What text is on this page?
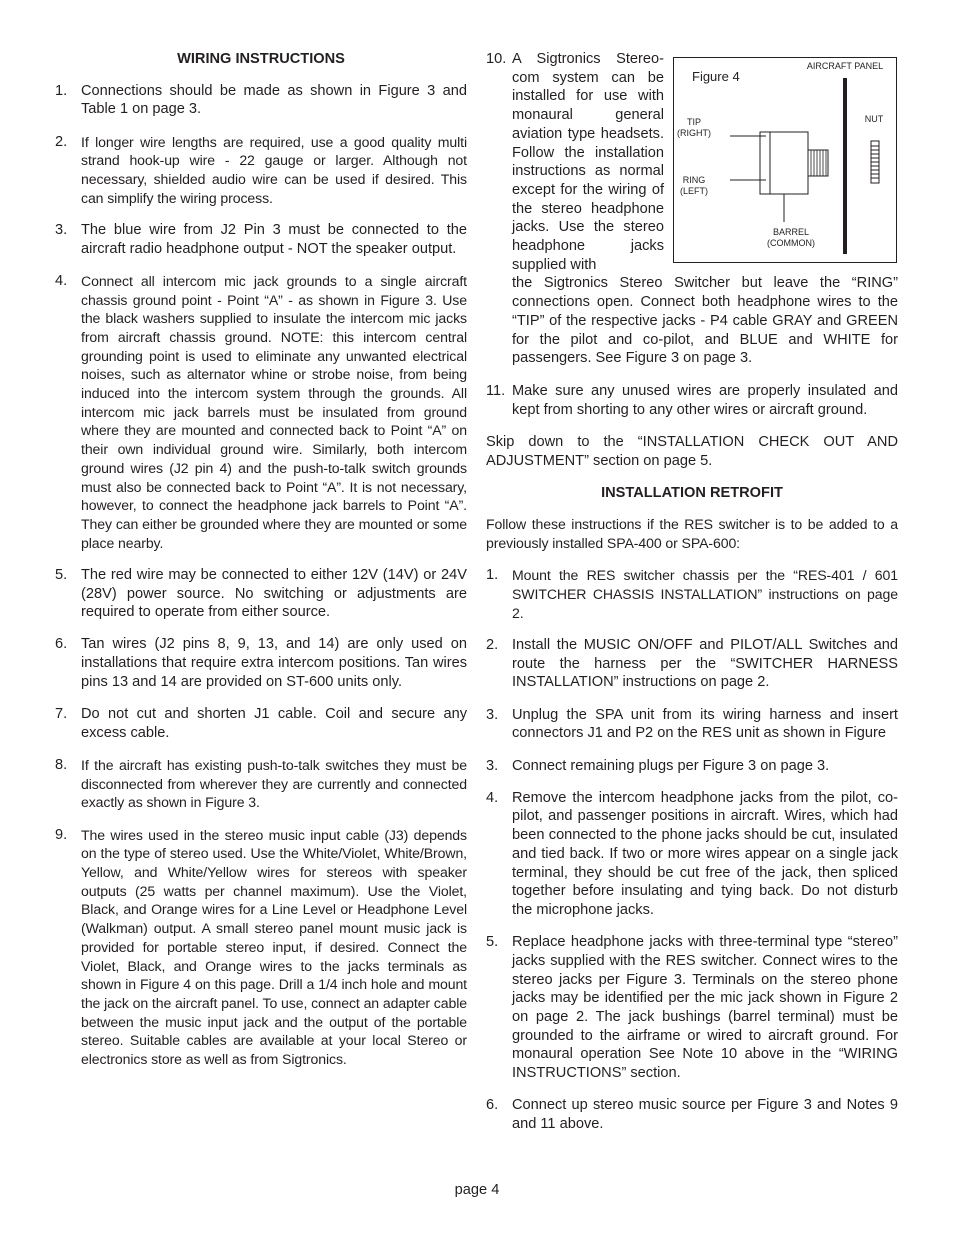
WIRING INSTRUCTIONS
1. Connections should be made as shown in Figure 3 and Table 1 on page 3.
2. If longer wire lengths are required, use a good quality multi strand hook-up wire - 22 gauge or larger. Although not necessary, shielded audio wire can be used if desired. This can simplify the wiring process.
3. The blue wire from J2 Pin 3 must be connected to the aircraft radio headphone output - NOT the speaker output.
4. Connect all intercom mic jack grounds to a single aircraft chassis ground point - Point “A” - as shown in Figure 3. Use the black washers supplied to insulate the intercom mic jacks from aircraft chassis ground. NOTE: this intercom central grounding point is used to eliminate any unwanted electrical noises, such as alternator whine or strobe noise, from being induced into the intercom system through the grounds. All intercom mic jack barrels must be insulated from ground where they are mounted and connected back to Point “A” on their own individual ground wire. Similarly, both intercom ground wires (J2 pin 4) and the push-to-talk switch grounds must also be connected back to Point “A”. It is not necessary, however, to connect the headphone jack barrels to Point “A”. They can either be grounded where they are mounted or some place nearby.
5. The red wire may be connected to either 12V (14V) or 24V (28V) power source. No switching or adjustments are required to operate from either source.
6. Tan wires (J2 pins 8, 9, 13, and 14) are only used on installations that require extra intercom positions. Tan wires pins 13 and 14 are provided on ST-600 units only.
7. Do not cut and shorten J1 cable. Coil and secure any excess cable.
8. If the aircraft has existing push-to-talk switches they must be disconnected from wherever they are currently and connected exactly as shown in Figure 3.
9. The wires used in the stereo music input cable (J3) depends on the type of stereo used. Use the White/Violet, White/Brown, Yellow, and White/Yellow wires for stereos with speaker outputs (25 watts per channel maximum). Use the Violet, Black, and Orange wires for a Line Level or Headphone Level (Walkman) output. A small stereo panel mount music jack is provided for portable stereo input, if desired. Connect the Violet, Black, and Orange wires to the jacks terminals as shown in Figure 4 on this page. Drill a 1/4 inch hole and mount the jack on the aircraft panel. To use, connect an adapter cable between the music input jack and the output of the portable stereo. Suitable cables are available at your local Stereo or electronics store as well as from Sigtronics.
10. A Sigtronics Stereo-com system can be installed for use with monaural general aviation type headsets. Follow the installation instructions as normal except for the wiring of the stereo headphone jacks. Use the stereo headphone jacks supplied with
the Sigtronics Stereo Switcher but leave the “RING” connections open. Connect both headphone wires to the “TIP” of the respective jacks - P4 cable GRAY and GREEN for the pilot and co-pilot, and BLUE and WHITE for passengers. See Figure 3 on page 3.
11. Make sure any unused wires are properly insulated and kept from shorting to any other wires or aircraft ground.

Skip down to the “INSTALLATION CHECK OUT AND ADJUSTMENT” section on page 5.

INSTALLATION RETROFIT

Follow these instructions if the RES switcher is to be added to a previously installed SPA-400 or SPA-600:

1. Mount the RES switcher chassis per the “RES-401 / 601 SWITCHER CHASSIS INSTALLATION” instructions on page 2.
2. Install the MUSIC ON/OFF and PILOT/ALL Switches and route the harness per the “SWITCHER HARNESS INSTALLATION” instructions on page 2.
3. Unplug the SPA unit from its wiring harness and insert connectors J1 and P2 on the RES unit as shown in Figure
3. Connect remaining plugs per Figure 3 on page 3.
4. Remove the intercom headphone jacks from the pilot, co-pilot, and passenger positions in aircraft. Wires, which had been connected to the phone jacks should be cut, insulated and tied back. If two or more wires appear on a single jack terminal, they should be cut free of the jack, then spliced together before insulating and tying back. Do not disturb the microphone jacks.
5. Replace headphone jacks with three-terminal type “stereo” jacks supplied with the RES switcher. Connect wires to the stereo jacks per Figure 3. Terminals on the stereo phone jacks may be identified per the mic jack shown in Figure 2 on page 2. The jack bushings (barrel terminal) must be grounded to the airframe or wired to aircraft ground. For monaural operation See Note 10 above in the “WIRING INSTRUCTIONS” section.
6. Connect up stereo music source per Figure 3 and Notes 9 and 11 above.
Figure 4
AIRCRAFT PANEL
NUT
TIP
(RIGHT)
RING
(LEFT)
BARREL
(COMMON)
page 4
